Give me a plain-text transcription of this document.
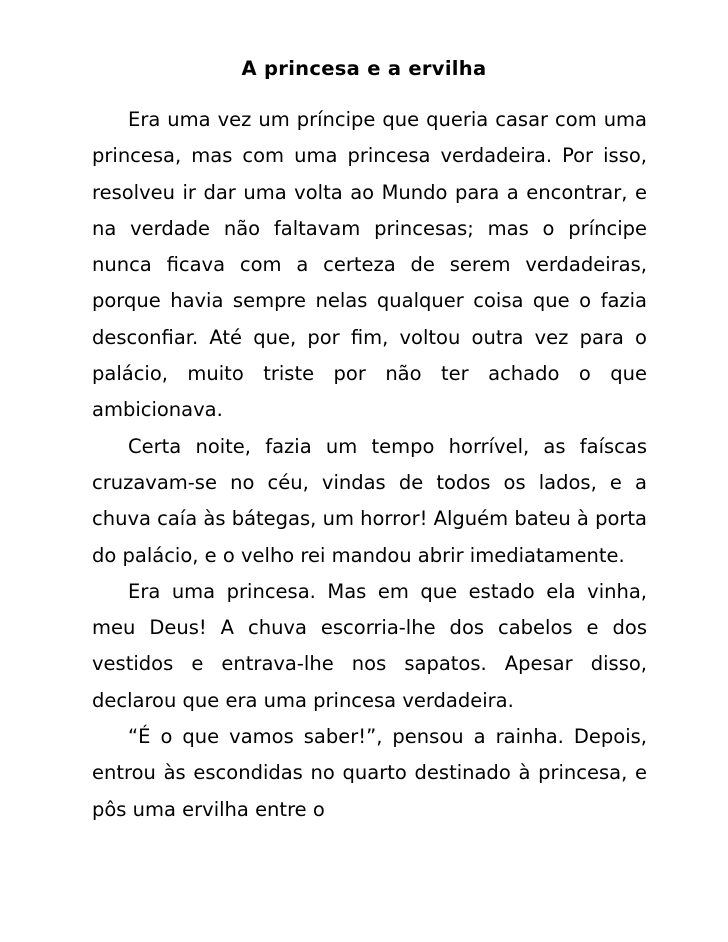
A princesa e a ervilha

Era uma vez um príncipe que queria casar com uma princesa, mas com uma princesa verdadeira. Por isso, resolveu ir dar uma volta ao Mundo para a encontrar, e na verdade não faltavam princesas; mas o príncipe nunca ficava com a certeza de serem verdadeiras, porque havia sempre nelas qualquer coisa que o fazia desconfiar. Até que, por fim, voltou outra vez para o palácio, muito triste por não ter achado o que ambicionava.

Certa noite, fazia um tempo horrível, as faíscas cruzavam-se no céu, vindas de todos os lados, e a chuva caía às bátegas, um horror! Alguém bateu à porta do palácio, e o velho rei mandou abrir imediatamente.

Era uma princesa. Mas em que estado ela vinha, meu Deus! A chuva escorria-lhe dos cabelos e dos vestidos e entrava-lhe nos sapatos. Apesar disso, declarou que era uma princesa verdadeira.

“É o que vamos saber!”, pensou a rainha. Depois, entrou às escondidas no quarto destinado à princesa, e pôs uma ervilha entre o
